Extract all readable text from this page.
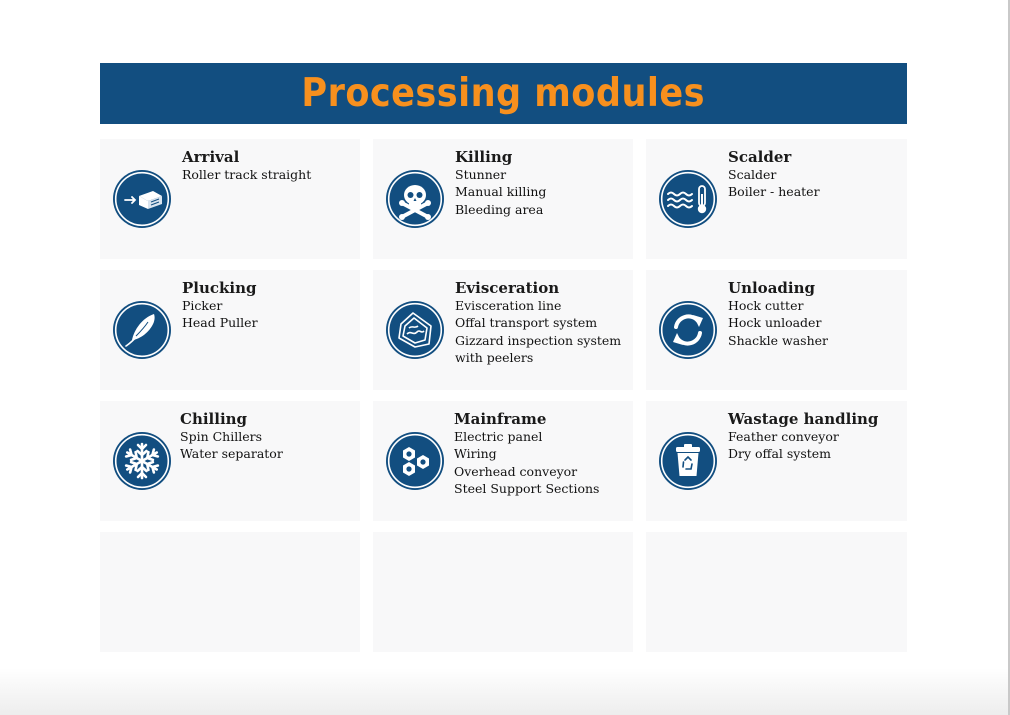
Processing modules
Arrival
Roller track straight
Killing
Stunner
Manual killing
Bleeding area
Scalder
Scalder
Boiler - heater
Plucking
Picker
Head Puller
Evisceration
Evisceration line
Offal transport system
Gizzard inspection system
with peelers
Unloading
Hock cutter
Hock unloader
Shackle washer
Chilling
Spin Chillers
Water separator
Mainframe
Electric panel
Wiring
Overhead conveyor
Steel Support Sections
Wastage handling
Feather conveyor
Dry offal system
